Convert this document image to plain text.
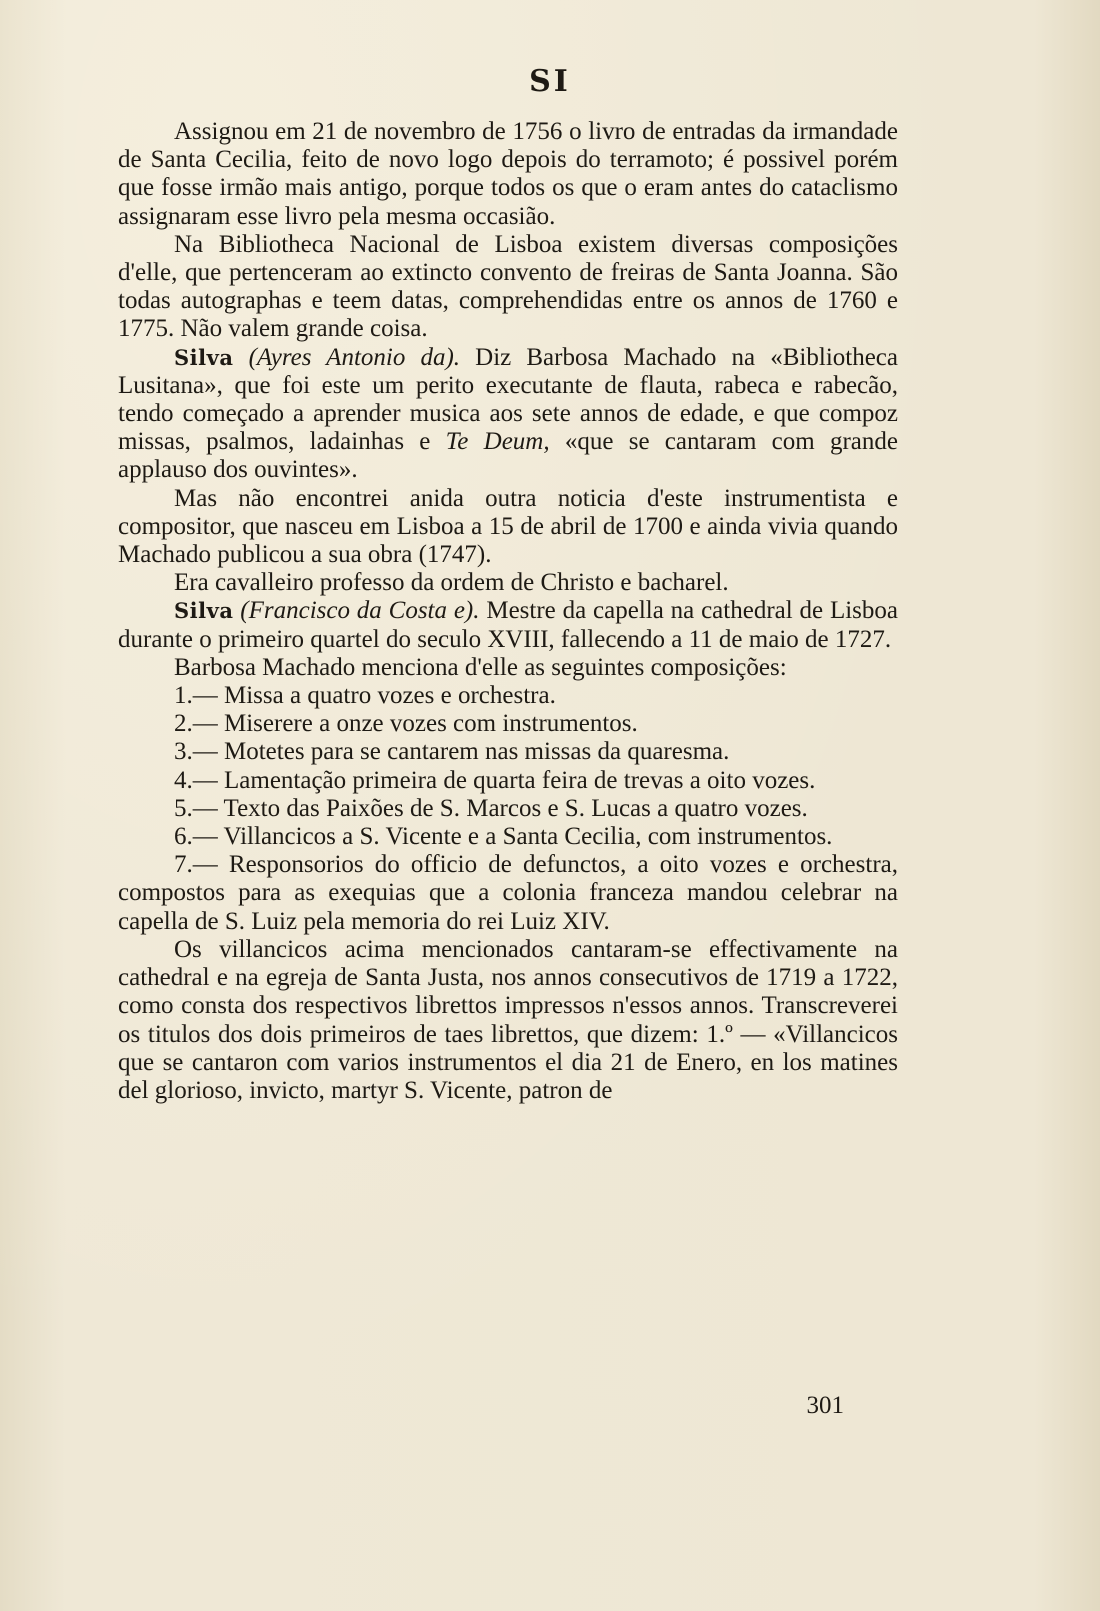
SI

Assignou em 21 de novembro de 1756 o livro de entradas da irmandade de Santa Cecilia, feito de novo logo depois do terramoto; é possivel porém que fosse irmão mais antigo, porque todos os que o eram antes do cataclismo assignaram esse livro pela mesma occasião.

Na Bibliotheca Nacional de Lisboa existem diversas composições d'elle, que pertenceram ao extincto convento de freiras de Santa Joanna. São todas autographas e teem datas, comprehendidas entre os annos de 1760 e 1775. Não valem grande coisa.

Silva (Ayres Antonio da). Diz Barbosa Machado na «Bibliotheca Lusitana», que foi este um perito executante de flauta, rabeca e rabecão, tendo começado a aprender musica aos sete annos de edade, e que compoz missas, psalmos, ladainhas e Te Deum, «que se cantaram com grande applauso dos ouvintes».

Mas não encontrei anida outra noticia d'este instrumentista e compositor, que nasceu em Lisboa a 15 de abril de 1700 e ainda vivia quando Machado publicou a sua obra (1747).

Era cavalleiro professo da ordem de Christo e bacharel.

Silva (Francisco da Costa e). Mestre da capella na cathedral de Lisboa durante o primeiro quartel do seculo XVIII, fallecendo a 11 de maio de 1727.

Barbosa Machado menciona d'elle as seguintes composições:

1.— Missa a quatro vozes e orchestra.

2.— Miserere a onze vozes com instrumentos.

3.— Motetes para se cantarem nas missas da quaresma.

4.— Lamentação primeira de quarta feira de trevas a oito vozes.

5.— Texto das Paixões de S. Marcos e S. Lucas a quatro vozes.

6.— Villancicos a S. Vicente e a Santa Cecilia, com instrumentos.

7.— Responsorios do officio de defunctos, a oito vozes e orchestra, compostos para as exequias que a colonia franceza mandou celebrar na capella de S. Luiz pela memoria do rei Luiz XIV.

Os villancicos acima mencionados cantaram-se effectivamente na cathedral e na egreja de Santa Justa, nos annos consecutivos de 1719 a 1722, como consta dos respectivos librettos impressos n'essos annos. Transcreverei os titulos dos dois primeiros de taes librettos, que dizem: 1.º — «Villancicos que se cantaron com varios instrumentos el dia 21 de Enero, en los matines del glorioso, invicto, martyr S. Vicente, patron de

301
